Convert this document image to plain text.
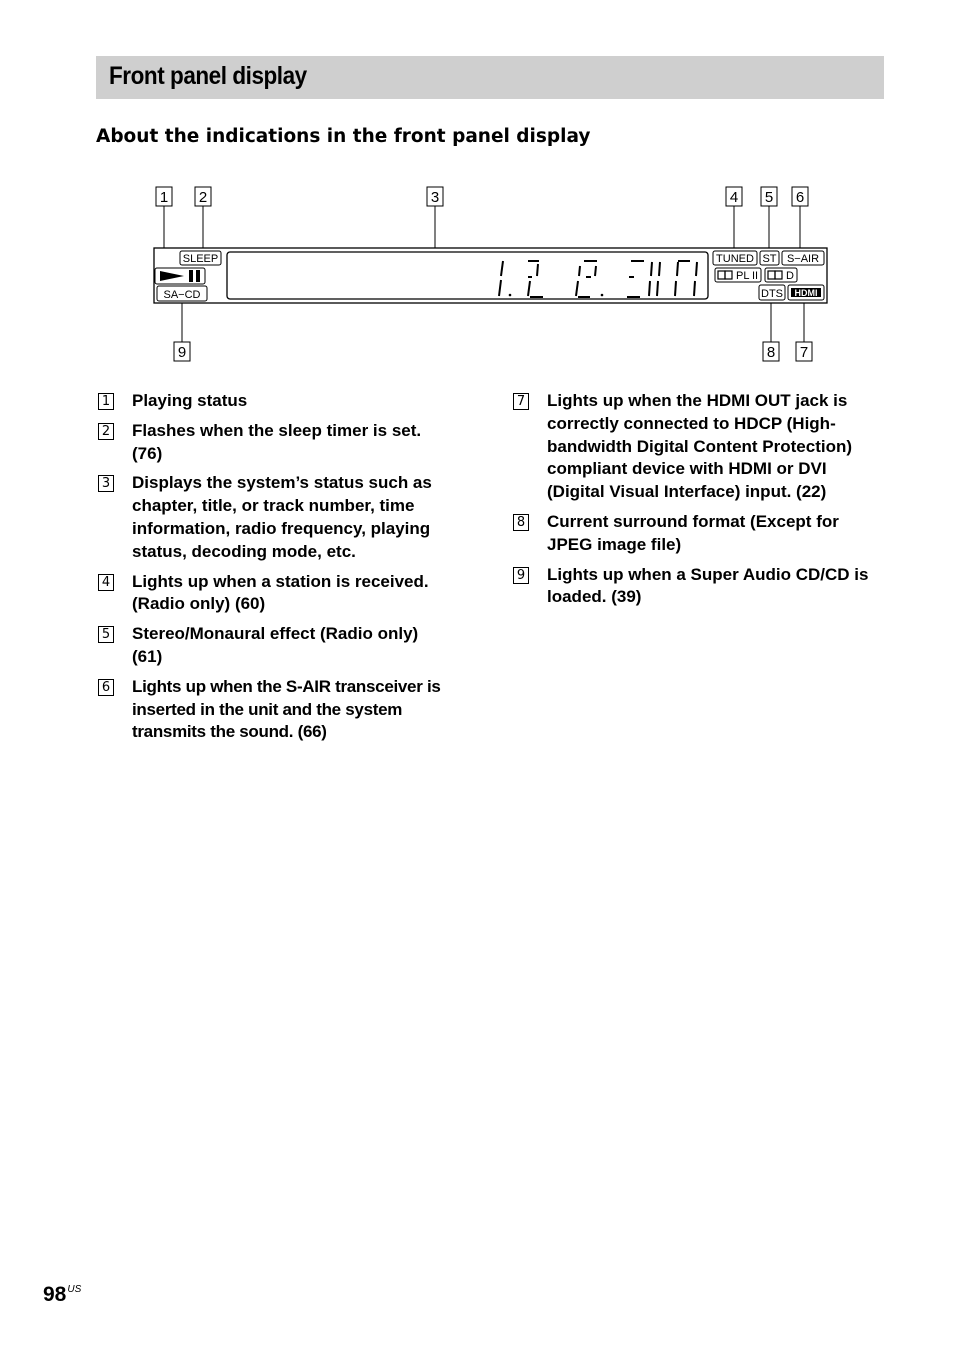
Front panel display
About the indications in the front panel display
1 2	3	4 5 6
9	8 7
SLEEP
SA−CD
TUNED ST S−AIR
PL II	D
DTS HDMI
1 Playing status
2 Flashes when the sleep timer is set. (76)
3 Displays the system’s status such as chapter, title, or track number, time information, radio frequency, playing status, decoding mode, etc.
4 Lights up when a station is received. (Radio only) (60)
5 Stereo/Monaural effect (Radio only) (61)
6 Lights up when the S-AIR transceiver is inserted in the unit and the system transmits the sound. (66)
7 Lights up when the HDMI OUT jack is correctly connected to HDCP (High-bandwidth Digital Content Protection) compliant device with HDMI or DVI (Digital Visual Interface) input. (22)
8 Current surround format (Except for JPEG image file)
9 Lights up when a Super Audio CD/CD is loaded. (39)
$98^{US}$
